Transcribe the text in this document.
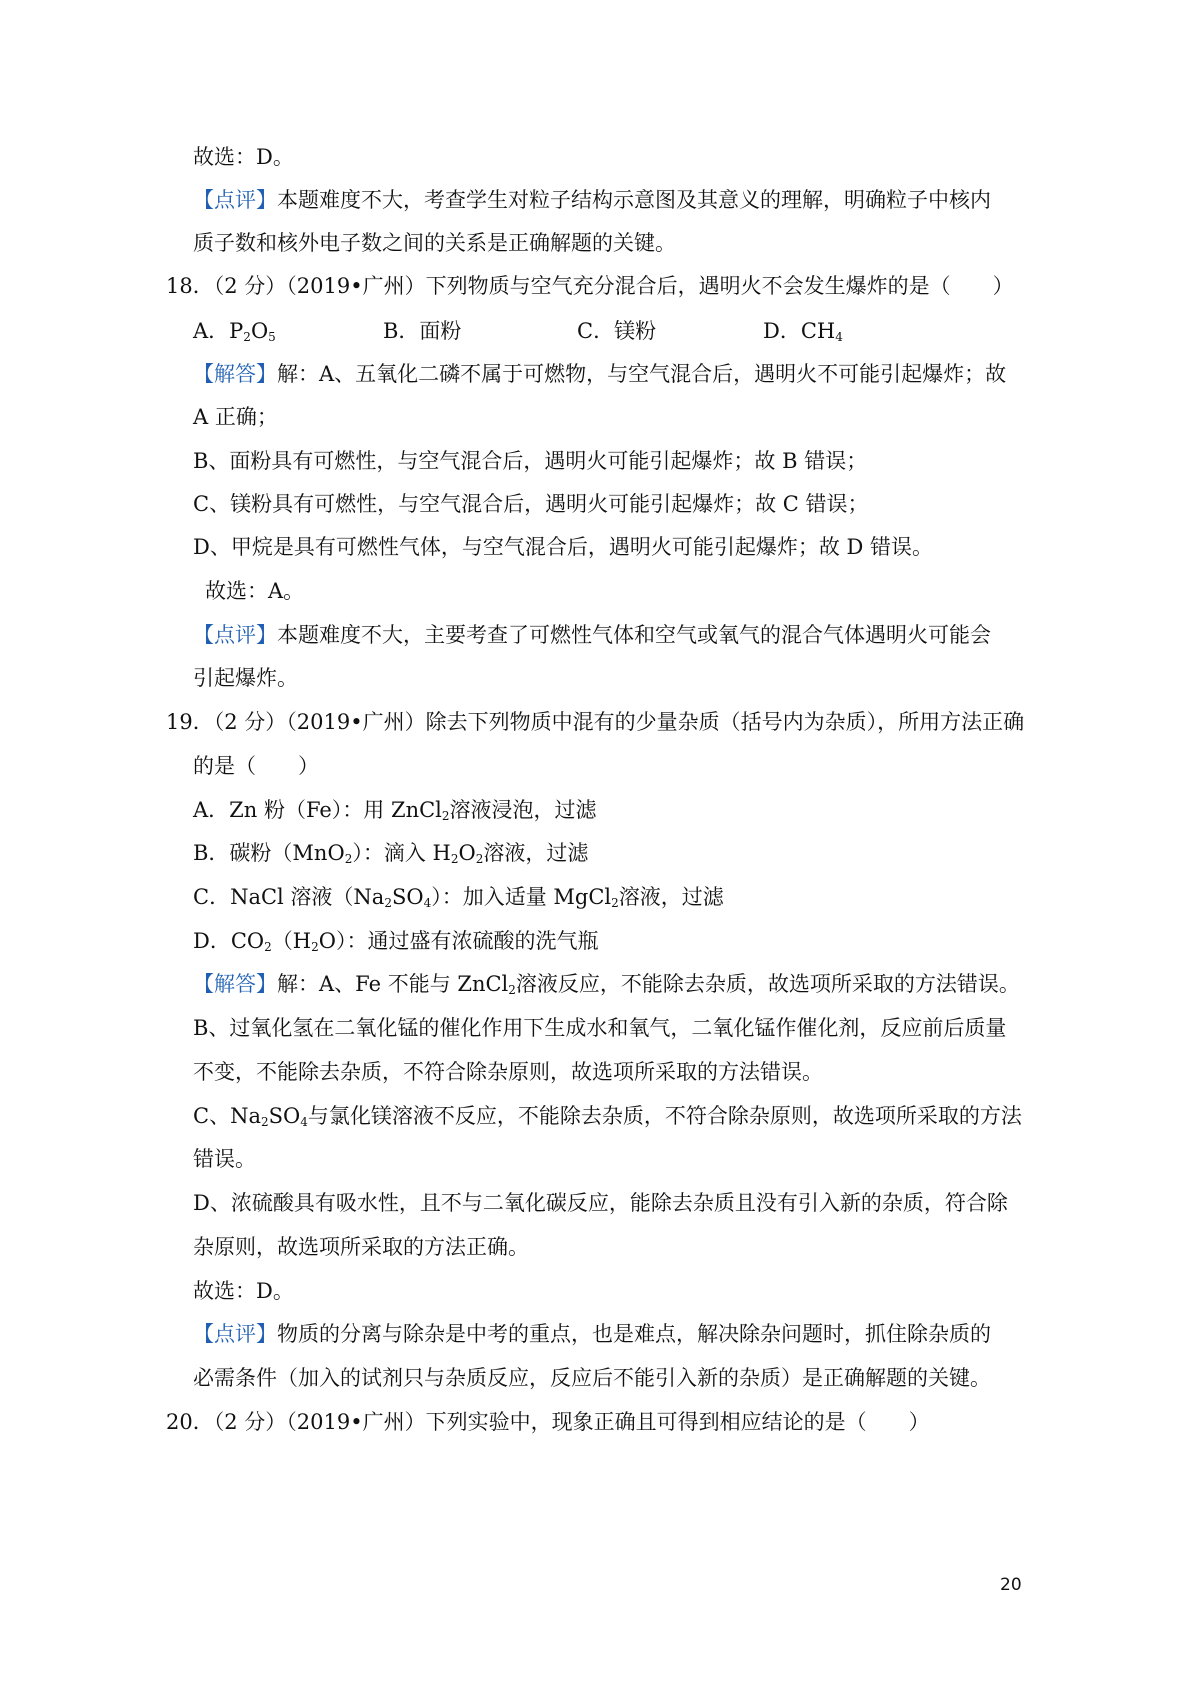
故选：D。
【点评】本题难度不大，考查学生对粒子结构示意图及其意义的理解，明确粒子中核内
质子数和核外电子数之间的关系是正确解题的关键。
18．（2 分）（2019•广州）下列物质与空气充分混合后，遇明火不会发生爆炸的是（　　）
A．$P_2O_5$	B．面粉	C．镁粉	D．$CH_4$
【解答】解：A、五氧化二磷不属于可燃物，与空气混合后，遇明火不可能引起爆炸；故
A 正确；
B、面粉具有可燃性，与空气混合后，遇明火可能引起爆炸；故 B 错误；
C、镁粉具有可燃性，与空气混合后，遇明火可能引起爆炸；故 C 错误；
D、甲烷是具有可燃性气体，与空气混合后，遇明火可能引起爆炸；故 D 错误。
故选：A。
【点评】本题难度不大，主要考查了可燃性气体和空气或氧气的混合气体遇明火可能会
引起爆炸。
19．（2 分）（2019•广州）除去下列物质中混有的少量杂质（括号内为杂质），所用方法正确
的是（　　）
A．Zn 粉（Fe）：用 ZnCl$_2$溶液浸泡，过滤
B．碳粉（MnO$_2$）：滴入 $H_2O_2$溶液，过滤
C．NaCl 溶液$(Na_2SO_4)$：加入适量 MgCl$_2$溶液，过滤
D．$CO_2(H_2O)$：通过盛有浓硫酸的洗气瓶
【解答】解：A、Fe 不能与 ZnCl$_2$溶液反应，不能除去杂质，故选项所采取的方法错误。
B、过氧化氢在二氧化锰的催化作用下生成水和氧气，二氧化锰作催化剂，反应前后质量
不变，不能除去杂质，不符合除杂原则，故选项所采取的方法错误。
C、$Na_2SO_4$与氯化镁溶液不反应，不能除去杂质，不符合除杂原则，故选项所采取的方法
错误。
D、浓硫酸具有吸水性，且不与二氧化碳反应，能除去杂质且没有引入新的杂质，符合除
杂原则，故选项所采取的方法正确。
故选：D。
【点评】物质的分离与除杂是中考的重点，也是难点，解决除杂问题时，抓住除杂质的
必需条件（加入的试剂只与杂质反应，反应后不能引入新的杂质）是正确解题的关键。
20．（2 分）（2019•广州）下列实验中，现象正确且可得到相应结论的是（　　）
20
